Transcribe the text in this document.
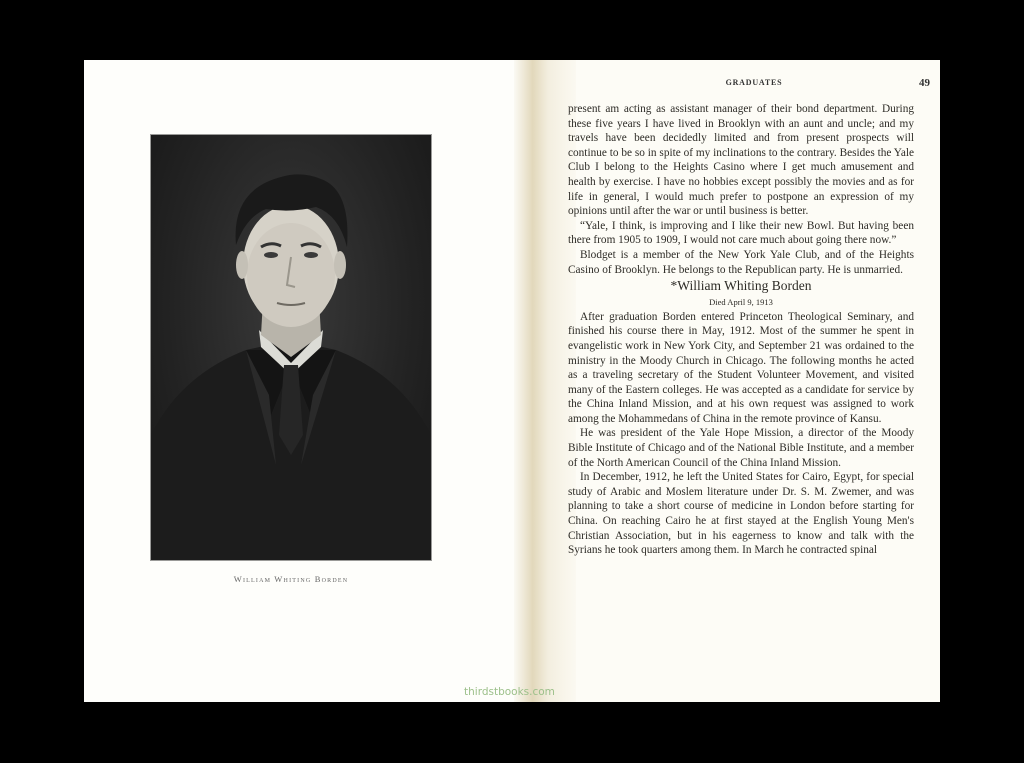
William Whiting Borden
thirdstbooks.com
GRADUATES	49

present am acting as assistant manager of their bond department. During these five years I have lived in Brooklyn with an aunt and uncle; and my travels have been decidedly limited and from present prospects will continue to be so in spite of my inclinations to the contrary. Besides the Yale Club I belong to the Heights Casino where I get much amusement and health by exercise. I have no hobbies except possibly the movies and as for life in general, I would much prefer to postpone an expression of my opinions until after the war or until business is better.

“Yale, I think, is improving and I like their new Bowl. But having been there from 1905 to 1909, I would not care much about going there now.”

Blodget is a member of the New York Yale Club, and of the Heights Casino of Brooklyn. He belongs to the Republican party. He is unmarried.

*William Whiting Borden

Died April 9, 1913

After graduation Borden entered Princeton Theological Seminary, and finished his course there in May, 1912. Most of the summer he spent in evangelistic work in New York City, and September 21 was ordained to the ministry in the Moody Church in Chicago. The following months he acted as a traveling secretary of the Student Volunteer Movement, and visited many of the Eastern colleges. He was accepted as a candidate for service by the China Inland Mission, and at his own request was assigned to work among the Mohammedans of China in the remote province of Kansu.

He was president of the Yale Hope Mission, a director of the Moody Bible Institute of Chicago and of the National Bible Institute, and a member of the North American Council of the China Inland Mission.

In December, 1912, he left the United States for Cairo, Egypt, for special study of Arabic and Moslem literature under Dr. S. M. Zwemer, and was planning to take a short course of medicine in London before starting for China. On reaching Cairo he at first stayed at the English Young Men's Christian Association, but in his eagerness to know and talk with the Syrians he took quarters among them. In March he contracted spinal
